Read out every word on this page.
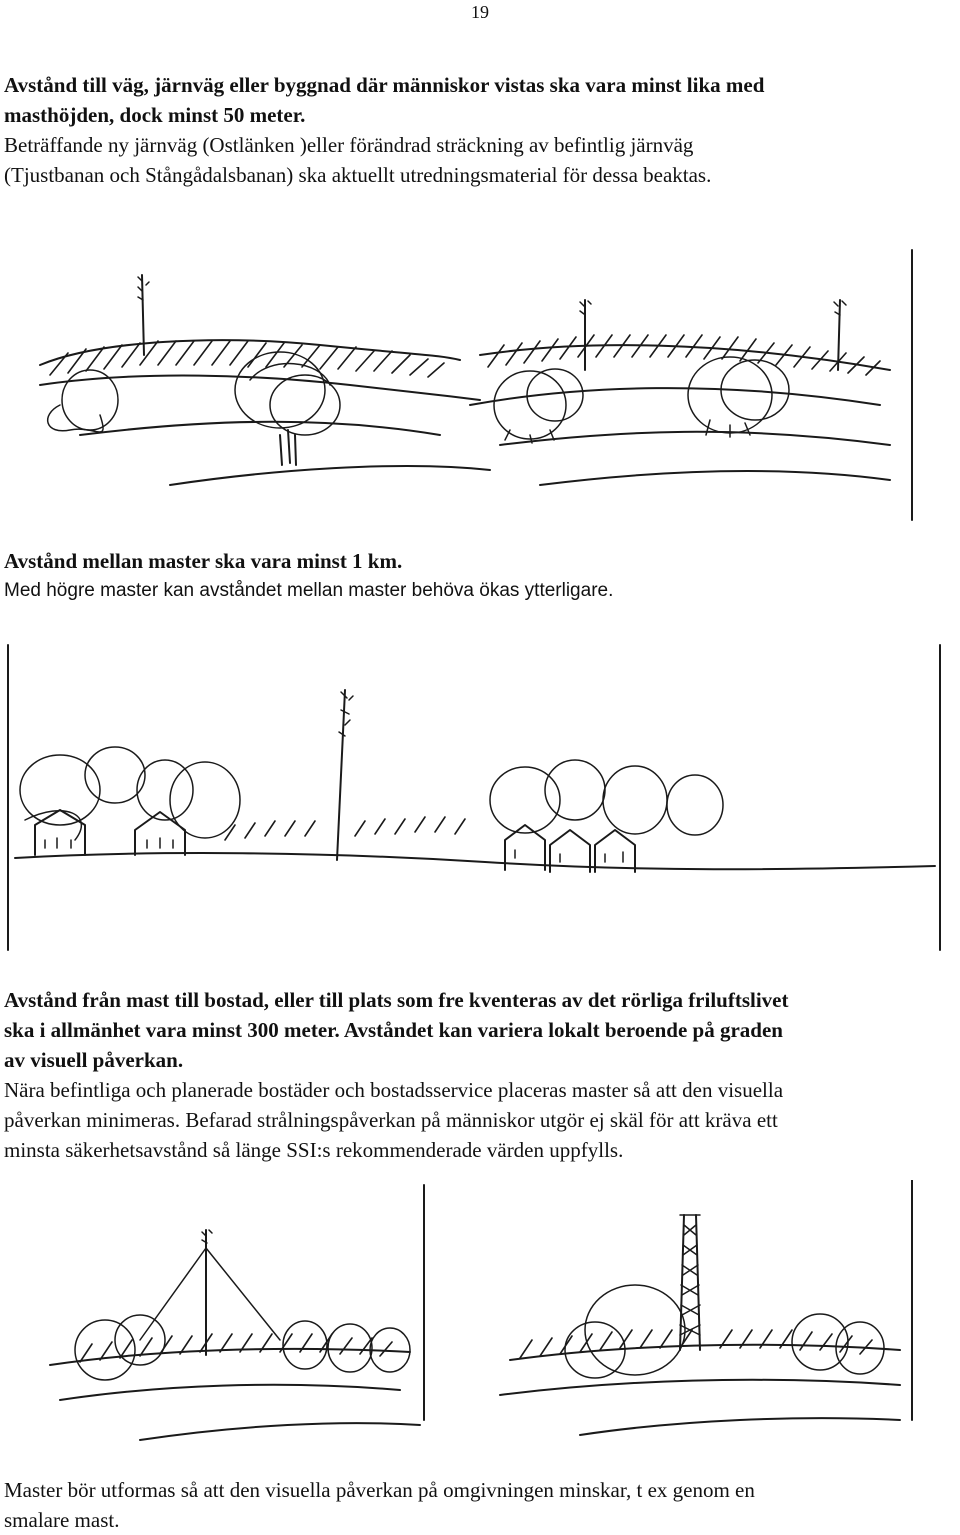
19
Avstånd till väg, järnväg eller byggnad där människor vistas ska vara minst lika med
masthöjden, dock minst 50 meter.
Beträffande ny järnväg (Ostlänken )eller förändrad sträckning av befintlig järnväg
(Tjustbanan och Stångådalsbanan) ska aktuellt utredningsmaterial för dessa beaktas.
Avstånd mellan master ska vara minst 1 km.
Med högre master kan avståndet mellan master behöva ökas ytterligare.
Avstånd från mast till bostad, eller till plats som fre kventeras av det rörliga friluftslivet
ska i allmänhet vara minst 300 meter. Avståndet kan variera lokalt beroende på graden
av visuell påverkan.
Nära befintliga och planerade bostäder och bostadsservice placeras master så att den visuella
påverkan minimeras. Befarad strålningspåverkan på människor utgör ej skäl för att kräva ett
minsta säkerhetsavstånd så länge SSI:s rekommenderade värden uppfylls.
Master bör utformas så att den visuella påverkan på omgivningen minskar, t ex genom en
smalare mast.
